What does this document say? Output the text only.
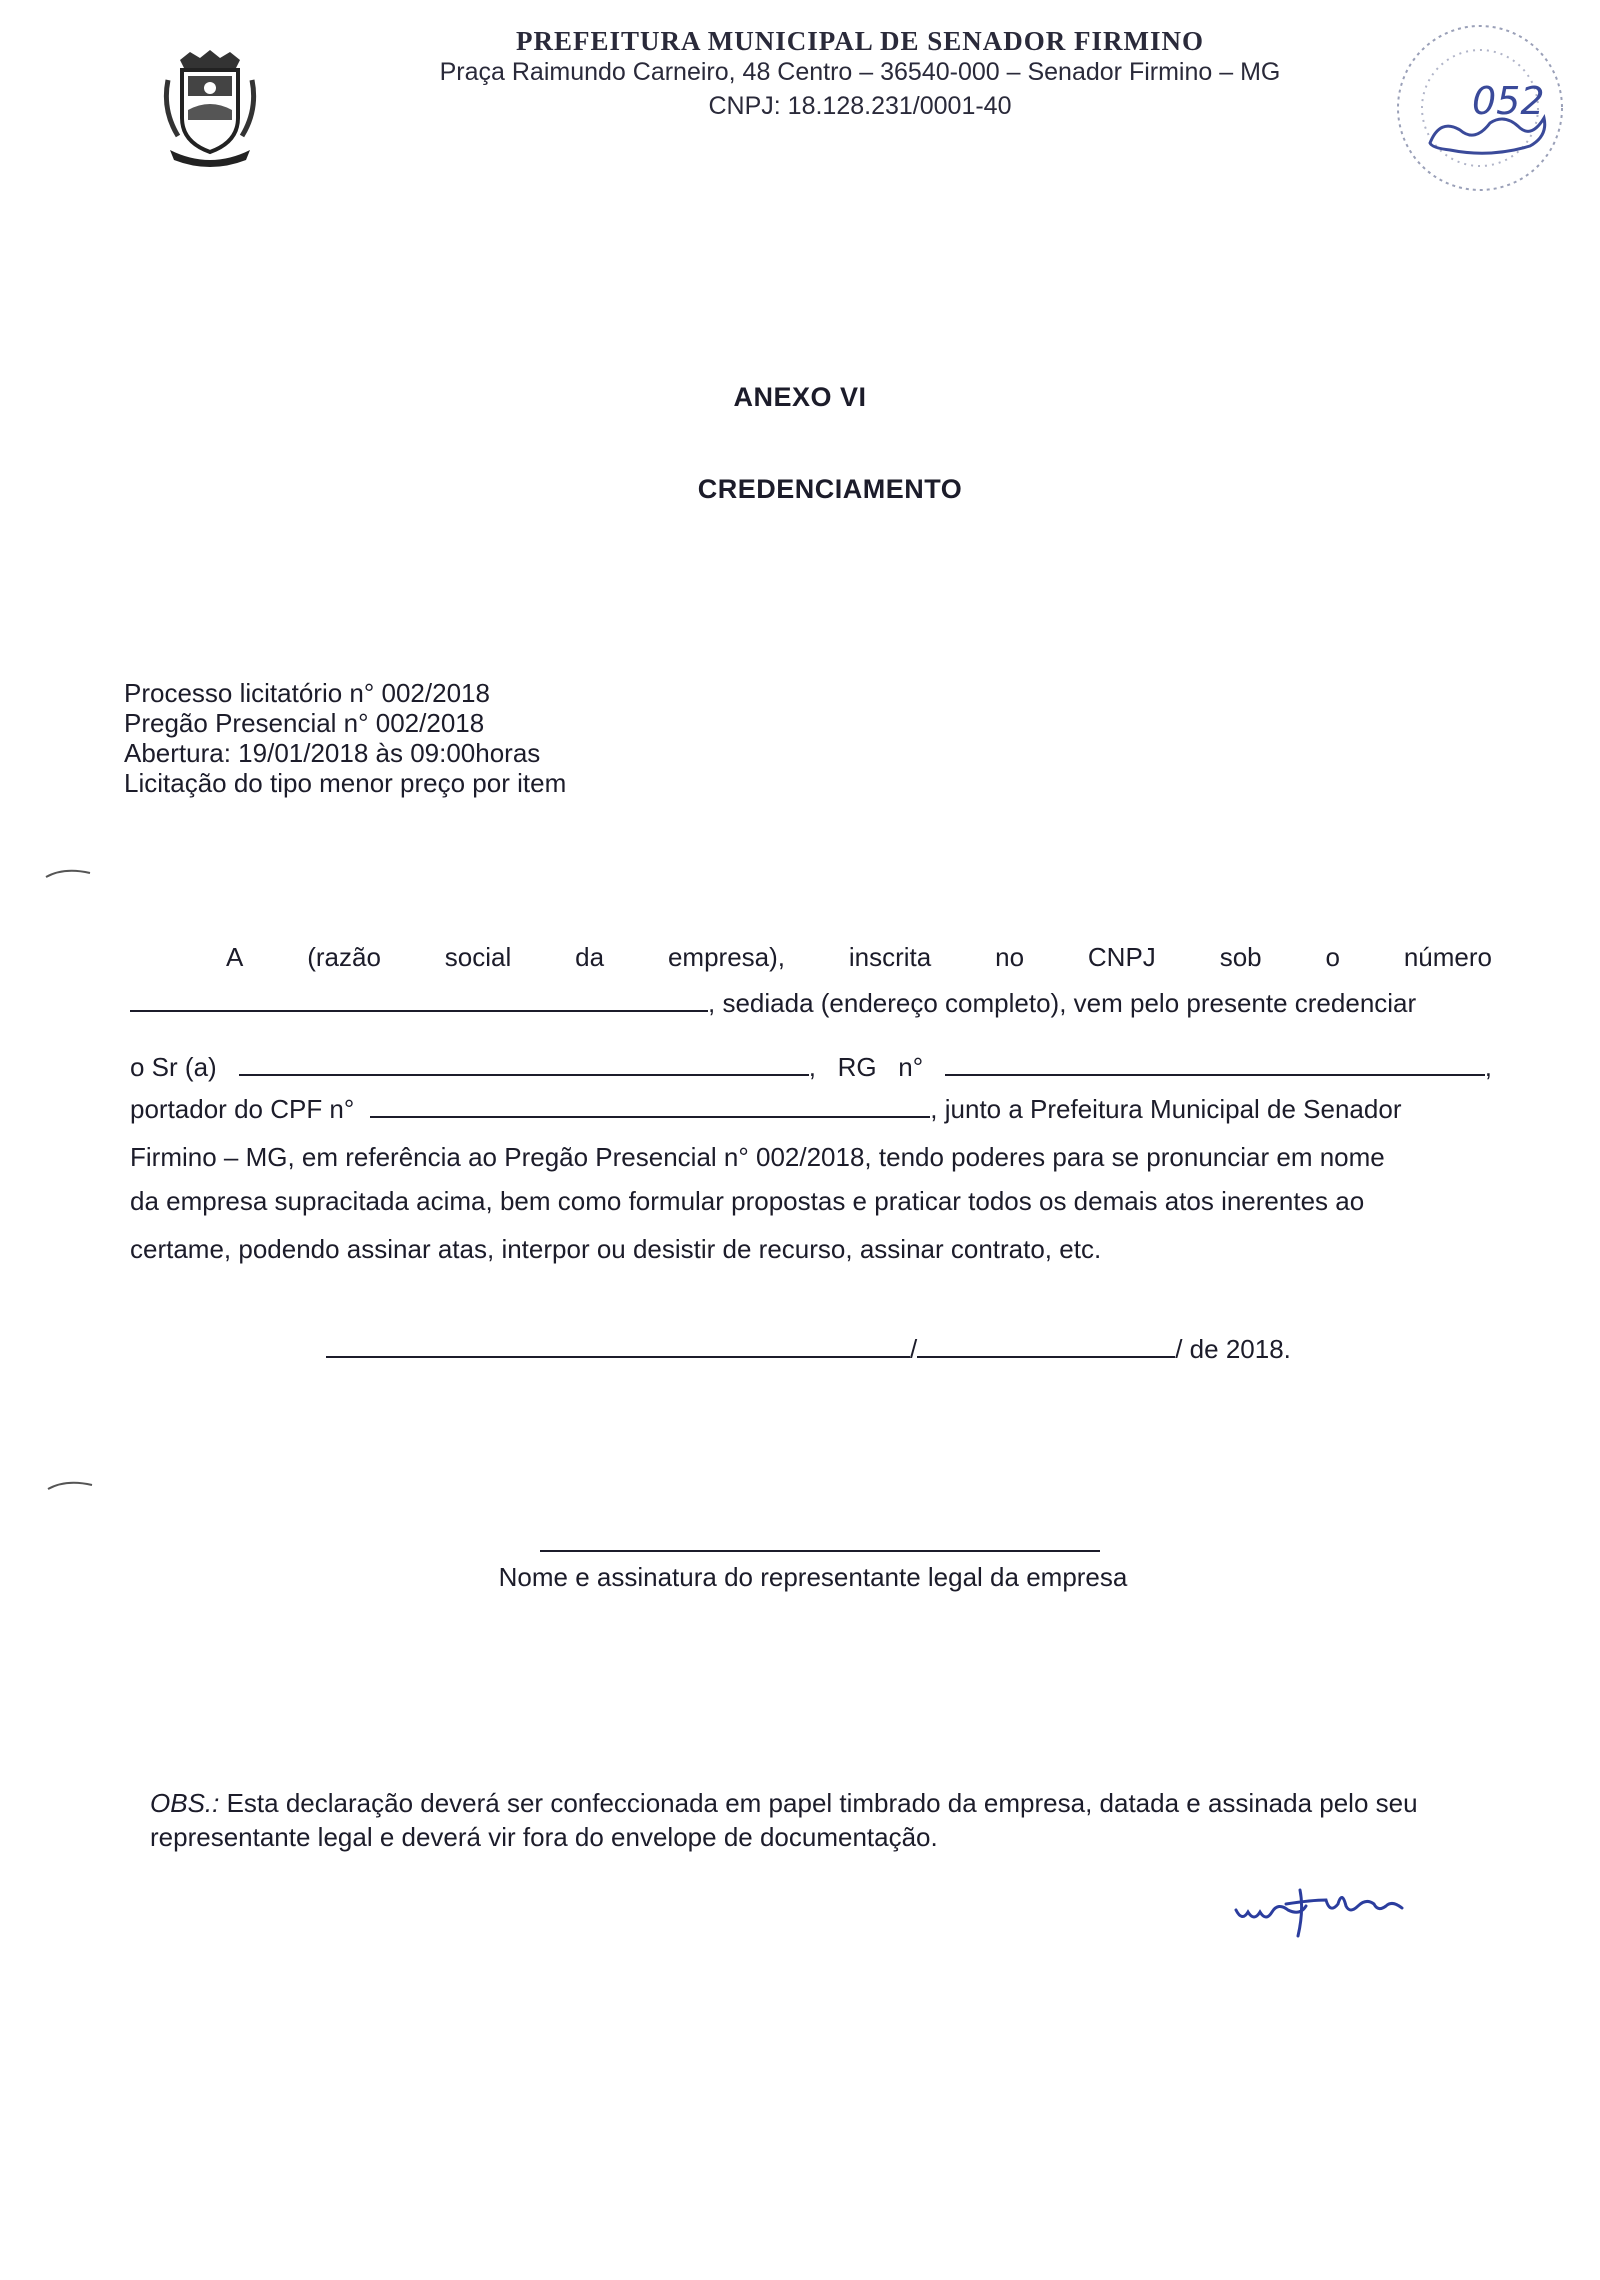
PREFEITURA MUNICIPAL DE SENADOR FIRMINO
Praça Raimundo Carneiro, 48 Centro – 36540-000 – Senador Firmino – MG
CNPJ: 18.128.231/0001-40	052
ANEXO VI
CREDENCIAMENTO
Processo licitatório n° 002/2018
Pregão Presencial n° 002/2018
Abertura: 19/01/2018 às 09:00horas
Licitação do tipo menor preço por item
A (razão social da empresa), inscrita no CNPJ sob o número
, sediada (endereço completo), vem pelo presente credenciar
o Sr (a)	,   RG   n°	,
portador do CPF n°	, junto a Prefeitura Municipal de Senador
Firmino – MG, em referência ao Pregão Presencial n° 002/2018, tendo poderes para se pronunciar em nome
da empresa supracitada acima, bem como formular propostas e praticar todos os demais atos inerentes ao
certame, podendo assinar atas, interpor ou desistir de recurso, assinar contrato, etc.
/	/ de 2018.
Nome e assinatura do representante legal da empresa
OBS.: Esta declaração deverá ser confeccionada em papel timbrado da empresa, datada e assinada pelo seu representante legal e deverá vir fora do envelope de documentação.
